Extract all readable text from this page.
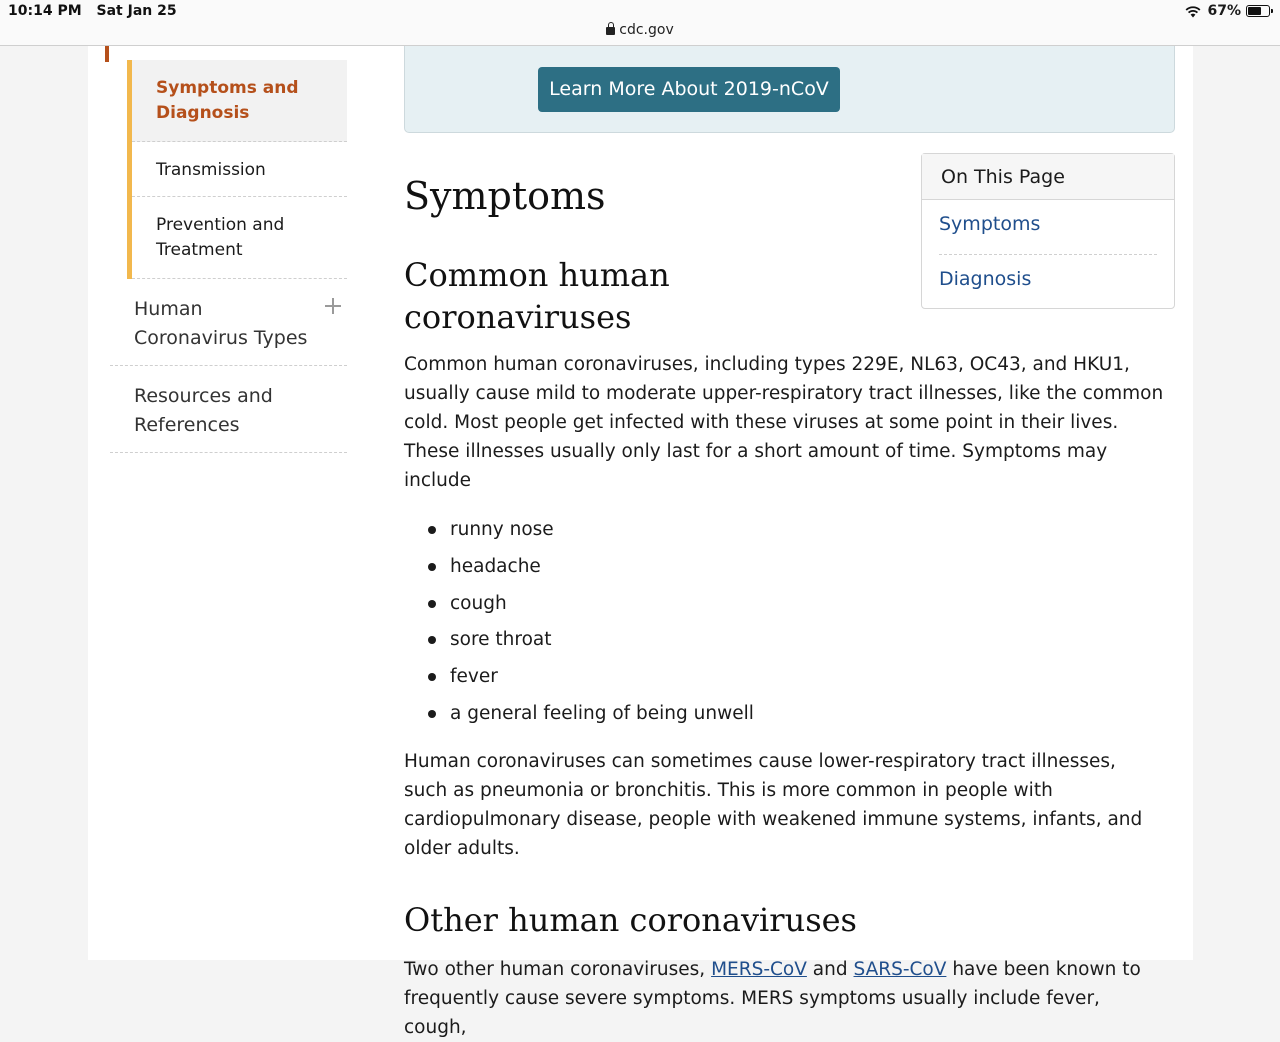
10:14 PM Sat Jan 25
cdc.gov
67%
Symptoms and Diagnosis
Transmission
Prevention and Treatment
Human Coronavirus Types
Resources and References
Learn More About 2019-nCoV
On This Page
Symptoms
Diagnosis
Symptoms
Common human coronaviruses

Common human coronaviruses, including types 229E, NL63, OC43, and HKU1, usually cause mild to moderate upper-respiratory tract illnesses, like the common cold. Most people get infected with these viruses at some point in their lives. These illnesses usually only last for a short amount of time. Symptoms may include

runny nose
headache
cough
sore throat
fever
a general feeling of being unwell

Human coronaviruses can sometimes cause lower-respiratory tract illnesses, such as pneumonia or bronchitis. This is more common in people with cardiopulmonary disease, people with weakened immune systems, infants, and older adults.

Other human coronaviruses

Two other human coronaviruses, MERS-CoV and SARS-CoV have been known to frequently cause severe symptoms. MERS symptoms usually include fever, cough,
